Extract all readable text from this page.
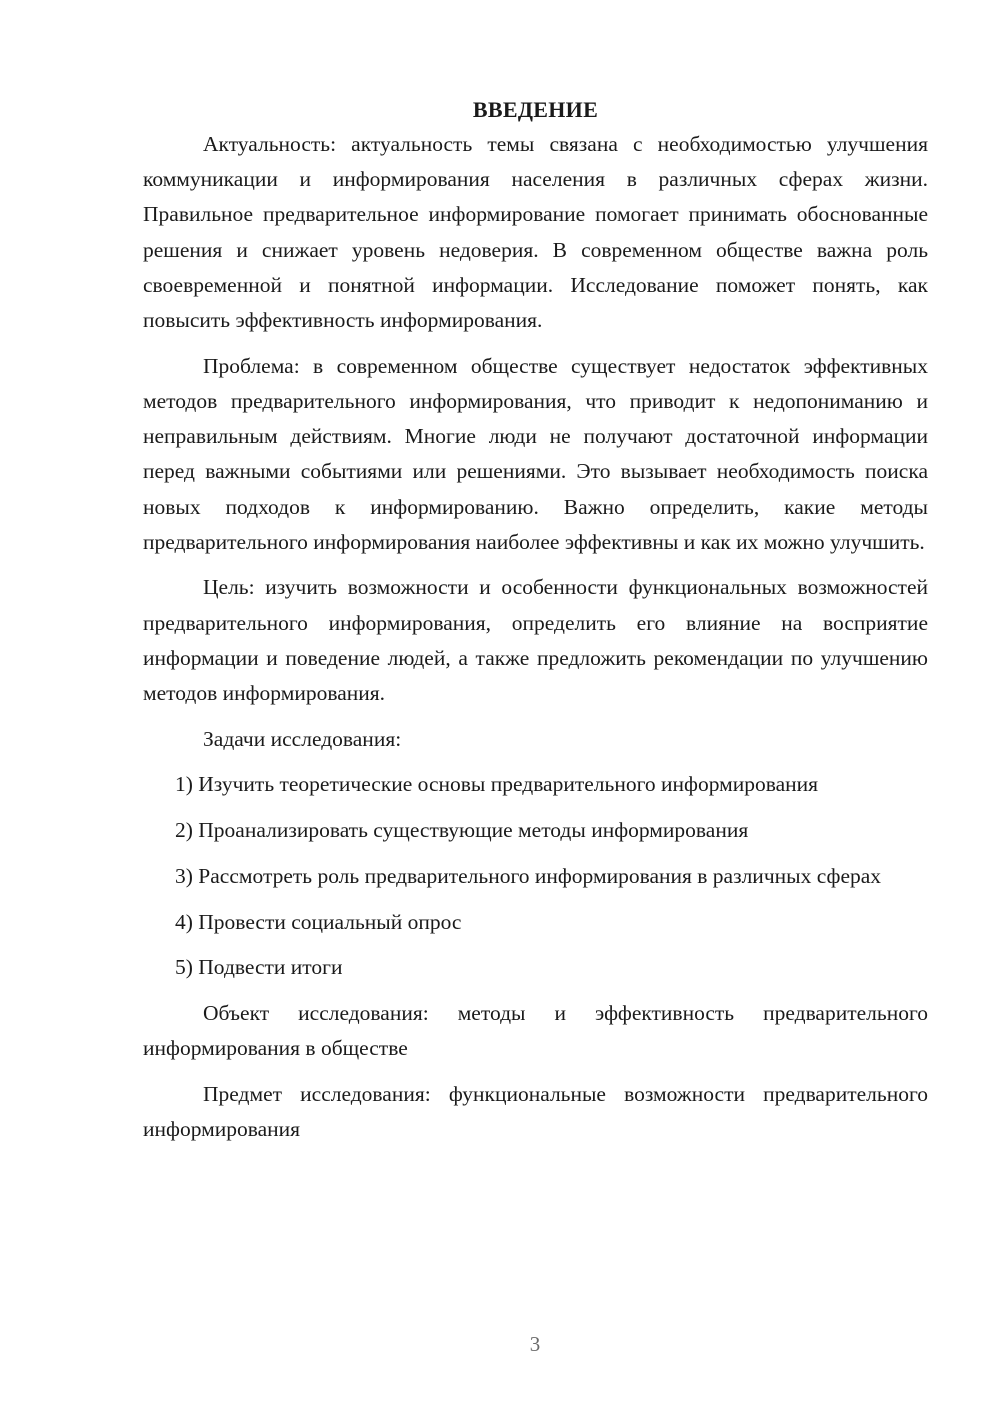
ВВЕДЕНИЕ

Актуальность: актуальность темы связана с необходимостью улучшения коммуникации и информирования населения в различных сферах жизни. Правильное предварительное информирование помогает принимать обоснованные решения и снижает уровень недоверия. В современном обществе важна роль своевременной и понятной информации. Исследование поможет понять, как повысить эффективность информирования.

Проблема: в современном обществе существует недостаток эффективных методов предварительного информирования, что приводит к недопониманию и неправильным действиям. Многие люди не получают достаточной информации перед важными событиями или решениями. Это вызывает необходимость поиска новых подходов к информированию. Важно определить, какие методы предварительного информирования наиболее эффективны и как их можно улучшить.

Цель: изучить возможности и особенности функциональных возможностей предварительного информирования, определить его влияние на восприятие информации и поведение людей, а также предложить рекомендации по улучшению методов информирования.

Задачи исследования:

1) Изучить теоретические основы предварительного информирования

2) Проанализировать существующие методы информирования

3) Рассмотреть роль предварительного информирования в различных сферах

4) Провести социальный опрос

5) Подвести итоги

Объект исследования: методы и эффективность предварительного информирования в обществе

Предмет исследования: функциональные возможности предварительного информирования

3
